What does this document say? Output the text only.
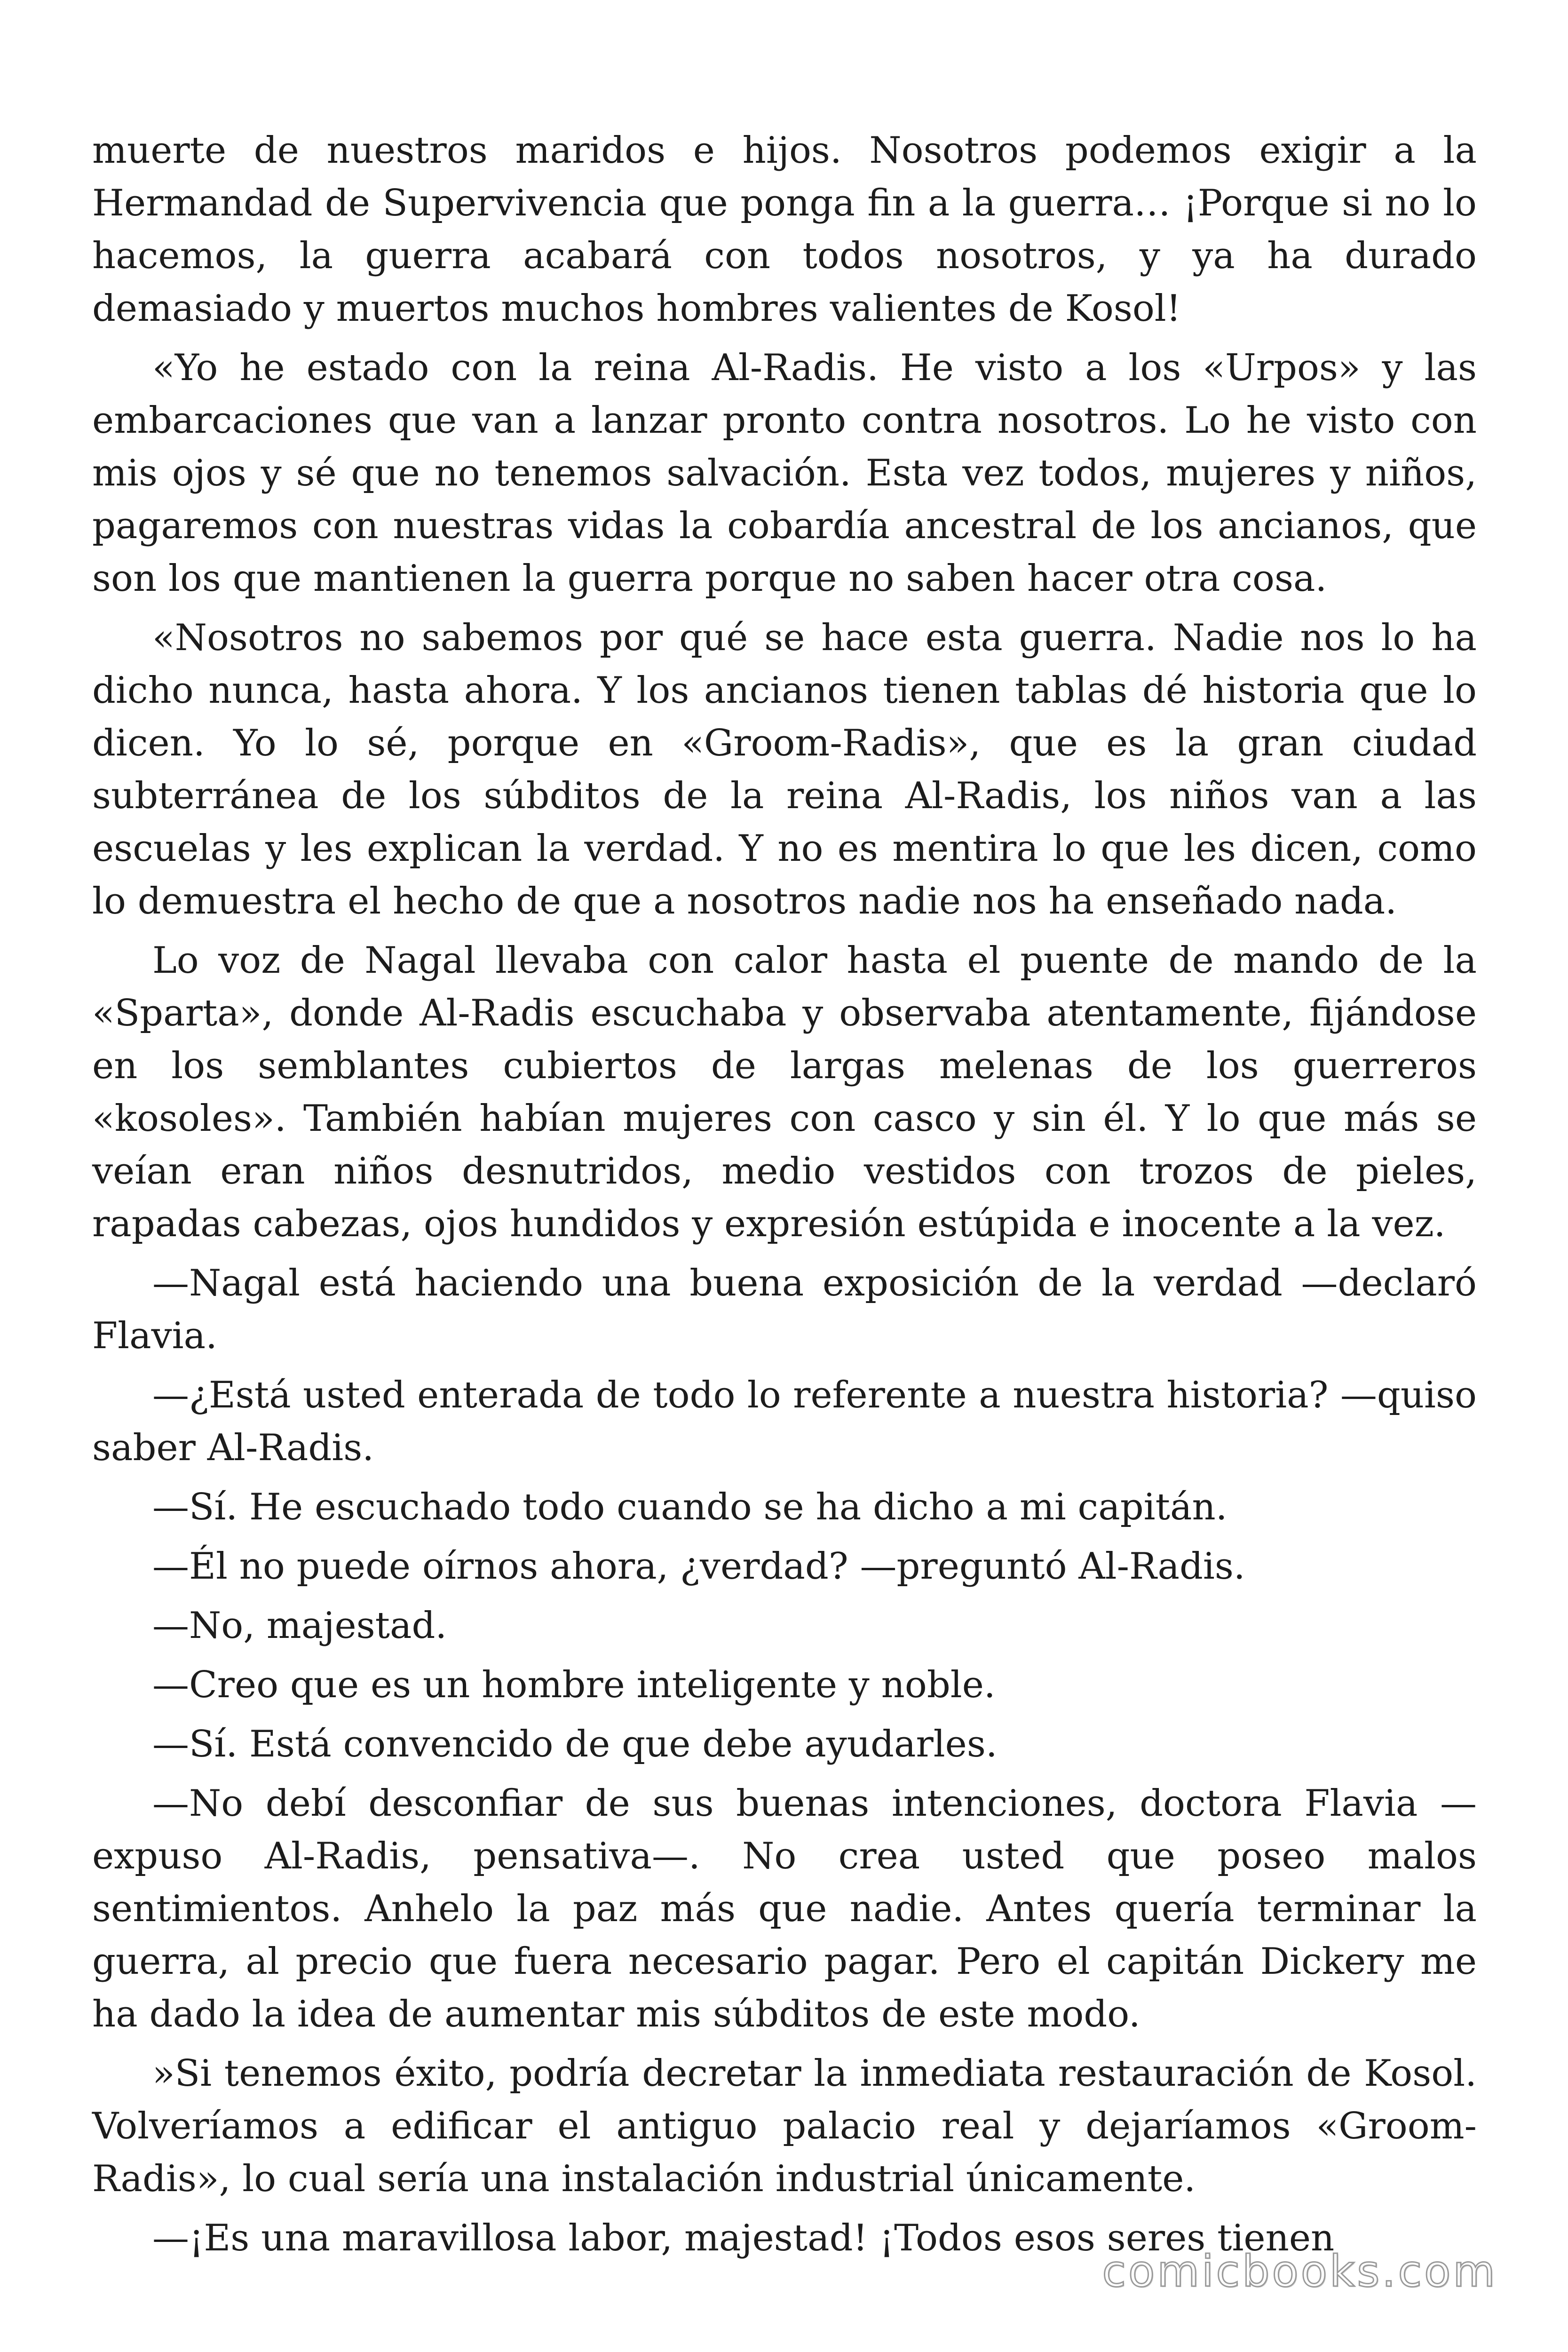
muerte de nuestros maridos e hijos. Nosotros podemos exigir a la Hermandad de Supervivencia que ponga fin a la guerra… ¡Porque si no lo hacemos, la guerra acabará con todos nosotros, y ya ha durado demasiado y muertos muchos hombres valientes de Kosol!

«Yo he estado con la reina Al-Radis. He visto a los «Urpos» y las embarcaciones que van a lanzar pronto contra nosotros. Lo he visto con mis ojos y sé que no tenemos salvación. Esta vez todos, mujeres y niños, pagaremos con nuestras vidas la cobardía ancestral de los ancianos, que son los que mantienen la guerra porque no saben hacer otra cosa.

«Nosotros no sabemos por qué se hace esta guerra. Nadie nos lo ha dicho nunca, hasta ahora. Y los ancianos tienen tablas dé historia que lo dicen. Yo lo sé, porque en «Groom-Radis», que es la gran ciudad subterránea de los súbditos de la reina Al-Radis, los niños van a las escuelas y les explican la verdad. Y no es mentira lo que les dicen, como lo demuestra el hecho de que a nosotros nadie nos ha enseñado nada.

Lo voz de Nagal llevaba con calor hasta el puente de mando de la «Sparta», donde Al-Radis escuchaba y observaba atentamente, fijándose en los semblantes cubiertos de largas melenas de los guerreros «kosoles». También habían mujeres con casco y sin él. Y lo que más se veían eran niños desnutridos, medio vestidos con trozos de pieles, rapadas cabezas, ojos hundidos y expresión estúpida e inocente a la vez.

—Nagal está haciendo una buena exposición de la verdad —declaró Flavia.

—¿Está usted enterada de todo lo referente a nuestra historia? —quiso saber Al-Radis.

—Sí. He escuchado todo cuando se ha dicho a mi capitán.

—Él no puede oírnos ahora, ¿verdad? —preguntó Al-Radis.

—No, majestad.

—Creo que es un hombre inteligente y noble.

—Sí. Está convencido de que debe ayudarles.

—No debí desconfiar de sus buenas intenciones, doctora Flavia —expuso Al-Radis, pensativa—. No crea usted que poseo malos sentimientos. Anhelo la paz más que nadie. Antes quería terminar la guerra, al precio que fuera necesario pagar. Pero el capitán Dickery me ha dado la idea de aumentar mis súbditos de este modo.

»Si tenemos éxito, podría decretar la inmediata restauración de Kosol. Volveríamos a edificar el antiguo palacio real y dejaríamos «Groom-Radis», lo cual sería una instalación industrial únicamente.

—¡Es una maravillosa labor, majestad! ¡Todos esos seres tienen

comicbooks.com
